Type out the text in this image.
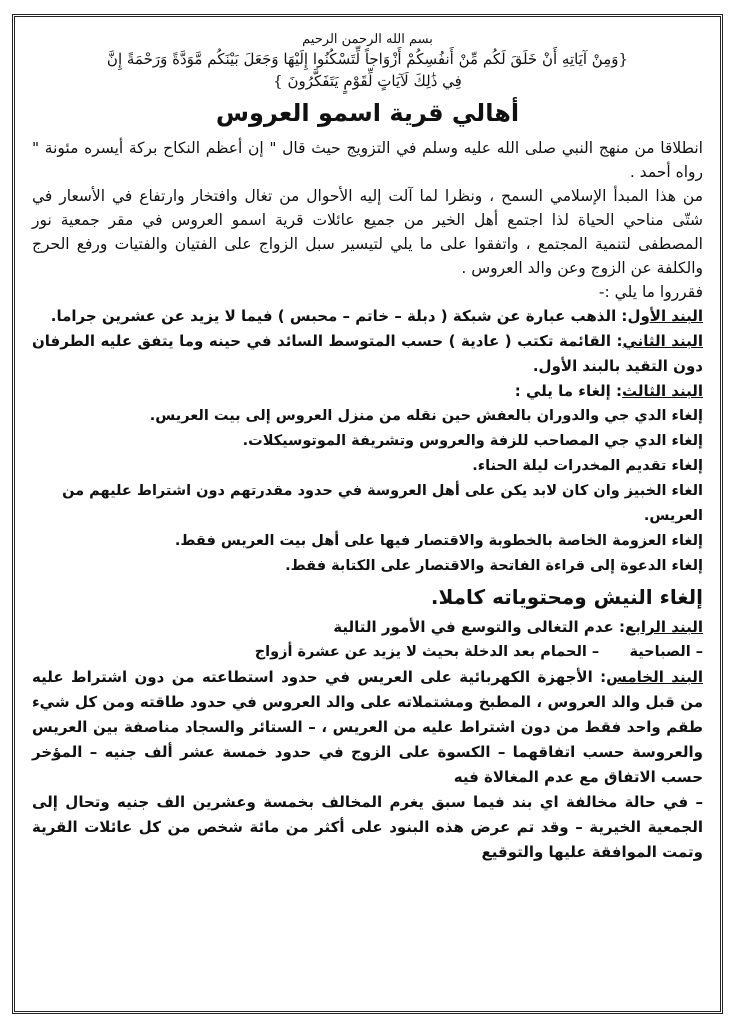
بسم الله الرحمن الرحيم

{وَمِنْ آيَاتِهِ أَنْ خَلَقَ لَكُم مِّنْ أَنفُسِكُمْ أَزْوَاجاً لِّتَسْكُنُوا إِلَيْهَا وَجَعَلَ بَيْنَكُم مَّوَدَّةً وَرَحْمَةً إِنَّ
فِي ذَٰلِكَ لَآيَاتٍ لِّقَوْمٍ يَتَفَكَّرُونَ }

أهالي قرية اسمو العروس

انطلاقا من منهج النبي صلى الله عليه وسلم في التزويج حيث قال " إن أعظم النكاح بركة أيسره مئونة " رواه أحمد .

من هذا المبدأ الإسلامي السمح ، ونظرا لما آلت إليه الأحوال من تغال وافتخار وارتفاع في الأسعار في شتّى مناحي الحياة لذا اجتمع أهل الخير من جميع عائلات قرية اسمو العروس في مقر جمعية نور المصطفى لتنمية المجتمع ، واتفقوا على ما يلي لتيسير سبل الزواج على الفتيان والفتيات ورفع الحرج والكلفة عن الزوج وعن والد العروس .

فقرروا ما يلي :-

البند الأول: الذهب عبارة عن شبكة ( دبلة – خاتم – محبس ) فيما لا يزيد عن عشرين جراما.

البند الثاني: القائمة تكتب ( عادية ) حسب المتوسط السائد في حينه وما يتفق عليه الطرفان دون التقيد بالبند الأول.

البند الثالث: إلغاء ما يلي :

إلغاء الدي جي والدوران بالعفش حين نقله من منزل العروس إلى بيت العريس.

إلغاء الدي جي المصاحب للزفة والعروس وتشريفة الموتوسيكلات.

إلغاء تقديم المخدرات ليلة الحناء.

الغاء الخبيز وان كان لابد يكن على أهل العروسة في حدود مقدرتهم دون اشتراط عليهم من العريس.

إلغاء العزومة الخاصة بالخطوبة والاقتصار فيها على أهل بيت العريس فقط.

إلغاء الدعوة إلى قراءة الفاتحة والاقتصار على الكتابة فقط.

إلغاء النيش ومحتوياته كاملا.

البند الرابع: عدم التغالى والتوسع في الأمور التالية

– الصباحية      – الحمام بعد الدخلة بحيث لا يزيد عن عشرة أزواج

البند الخامس: الأجهزة الكهربائية على العريس في حدود استطاعته من دون اشتراط عليه من قبل والد العروس ، المطبخ ومشتملاته على والد العروس في حدود طاقته ومن كل شيء طقم واحد فقط من دون اشتراط عليه من العريس ، – الستائر والسجاد مناصفة بين العريس والعروسة حسب اتفاقهما – الكسوة على الزوج في حدود خمسة عشر ألف جنيه – المؤخر حسب الاتفاق مع عدم المغالاة فيه

– في حالة مخالفة اي بند فيما سبق يغرم المخالف بخمسة وعشرين الف جنيه وتحال إلى الجمعية الخيرية – وقد تم عرض هذه البنود على أكثر من مائة شخص من كل عائلات القرية وتمت الموافقة عليها والتوقيع
